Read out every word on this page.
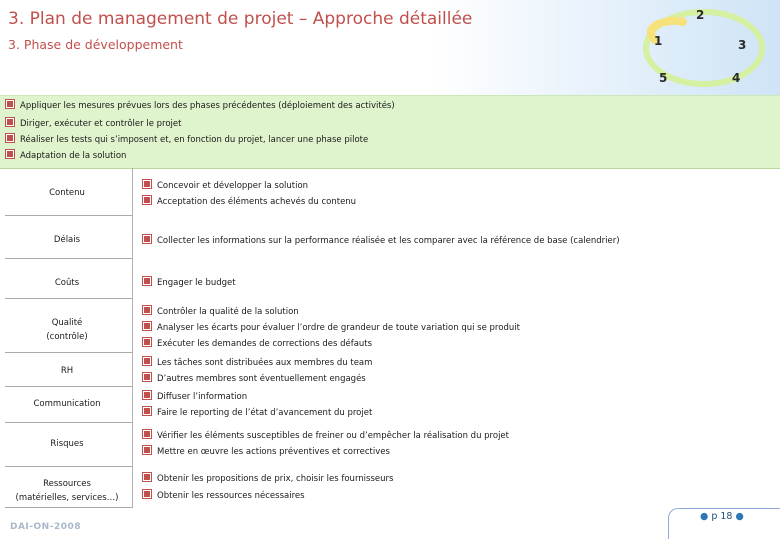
3. Plan de management de projet – Approche détaillée
3. Phase de développement
2
3
4
5
1
Appliquer les mesures prévues lors des phases précédentes (déploiement des activités)
Diriger, exécuter et contrôler le projet
Réaliser les tests qui s’imposent et, en fonction du projet, lancer une phase pilote
Adaptation de la solution
Contenu
Concevoir et développer la solution
Acceptation des éléments achevés du contenu
Délais	Collecter les informations sur la performance réalisée et les comparer avec la référence de base (calendrier)
Coûts	Engager le budget
Qualité
(contrôle)
Contrôler la qualité de la solution
Analyser les écarts pour évaluer l’ordre de grandeur de toute variation qui se produit
Exécuter les demandes de corrections des défauts
RH
Les tâches sont distribuées aux membres du team
D’autres membres sont éventuellement engagés
Communication
Diffuser l’information
Faire le reporting de l’état d’avancement du projet
Risques
Vérifier les éléments susceptibles de freiner ou d’empêcher la réalisation du projet
Mettre en œuvre les actions préventives et correctives
Ressources
(matérielles, services…)
Obtenir les propositions de prix, choisir les fournisseurs
Obtenir les ressources nécessaires
DAI-ON-2008
● p 18 ●
